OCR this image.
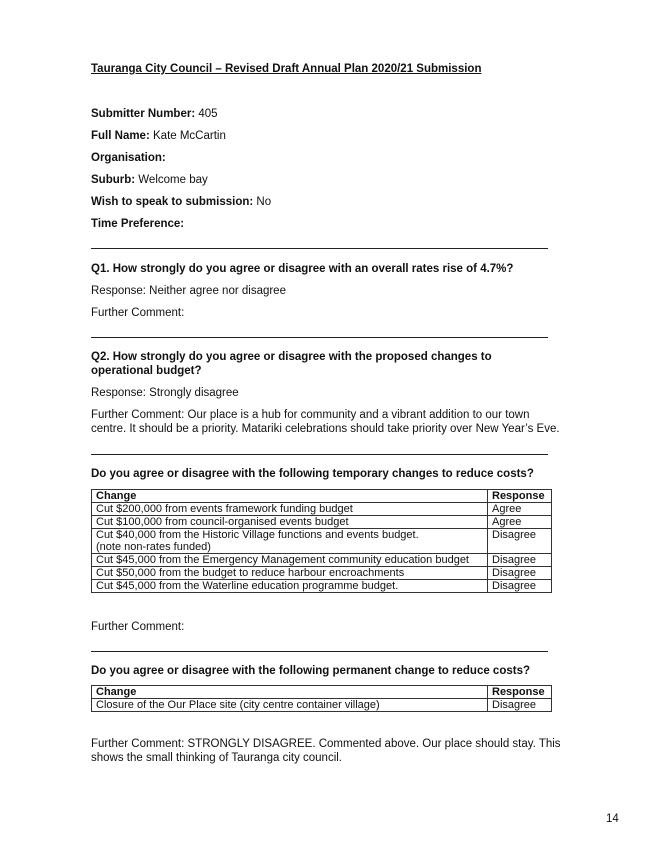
Tauranga City Council – Revised Draft Annual Plan 2020/21 Submission
Submitter Number: 405
Full Name: Kate McCartin
Organisation:
Suburb: Welcome bay
Wish to speak to submission: No
Time Preference:
Q1. How strongly do you agree or disagree with an overall rates rise of 4.7%?
Response: Neither agree nor disagree
Further Comment:
Q2. How strongly do you agree or disagree with the proposed changes to operational budget?
Response: Strongly disagree
Further Comment: Our place is a hub for community and a vibrant addition to our town centre. It should be a priority. Matariki celebrations should take priority over New Year’s Eve.
Do you agree or disagree with the following temporary changes to reduce costs?
Change	Response
Cut $200,000 from events framework funding budget	Agree
Cut $100,000 from council-organised events budget	Agree

Cut $40,000 from the Historic Village functions and events budget.
(note non-rates funded)	Disagree
Cut $45,000 from the Emergency Management community education budget	Disagree
Cut $50,000 from the budget to reduce harbour encroachments	Disagree
Cut $45,000 from the Waterline education programme budget.	Disagree
Further Comment:
Do you agree or disagree with the following permanent change to reduce costs?
Change	Response
Closure of the Our Place site (city centre container village)	Disagree
Further Comment: STRONGLY DISAGREE. Commented above. Our place should stay. This shows the small thinking of Tauranga city council.
14
